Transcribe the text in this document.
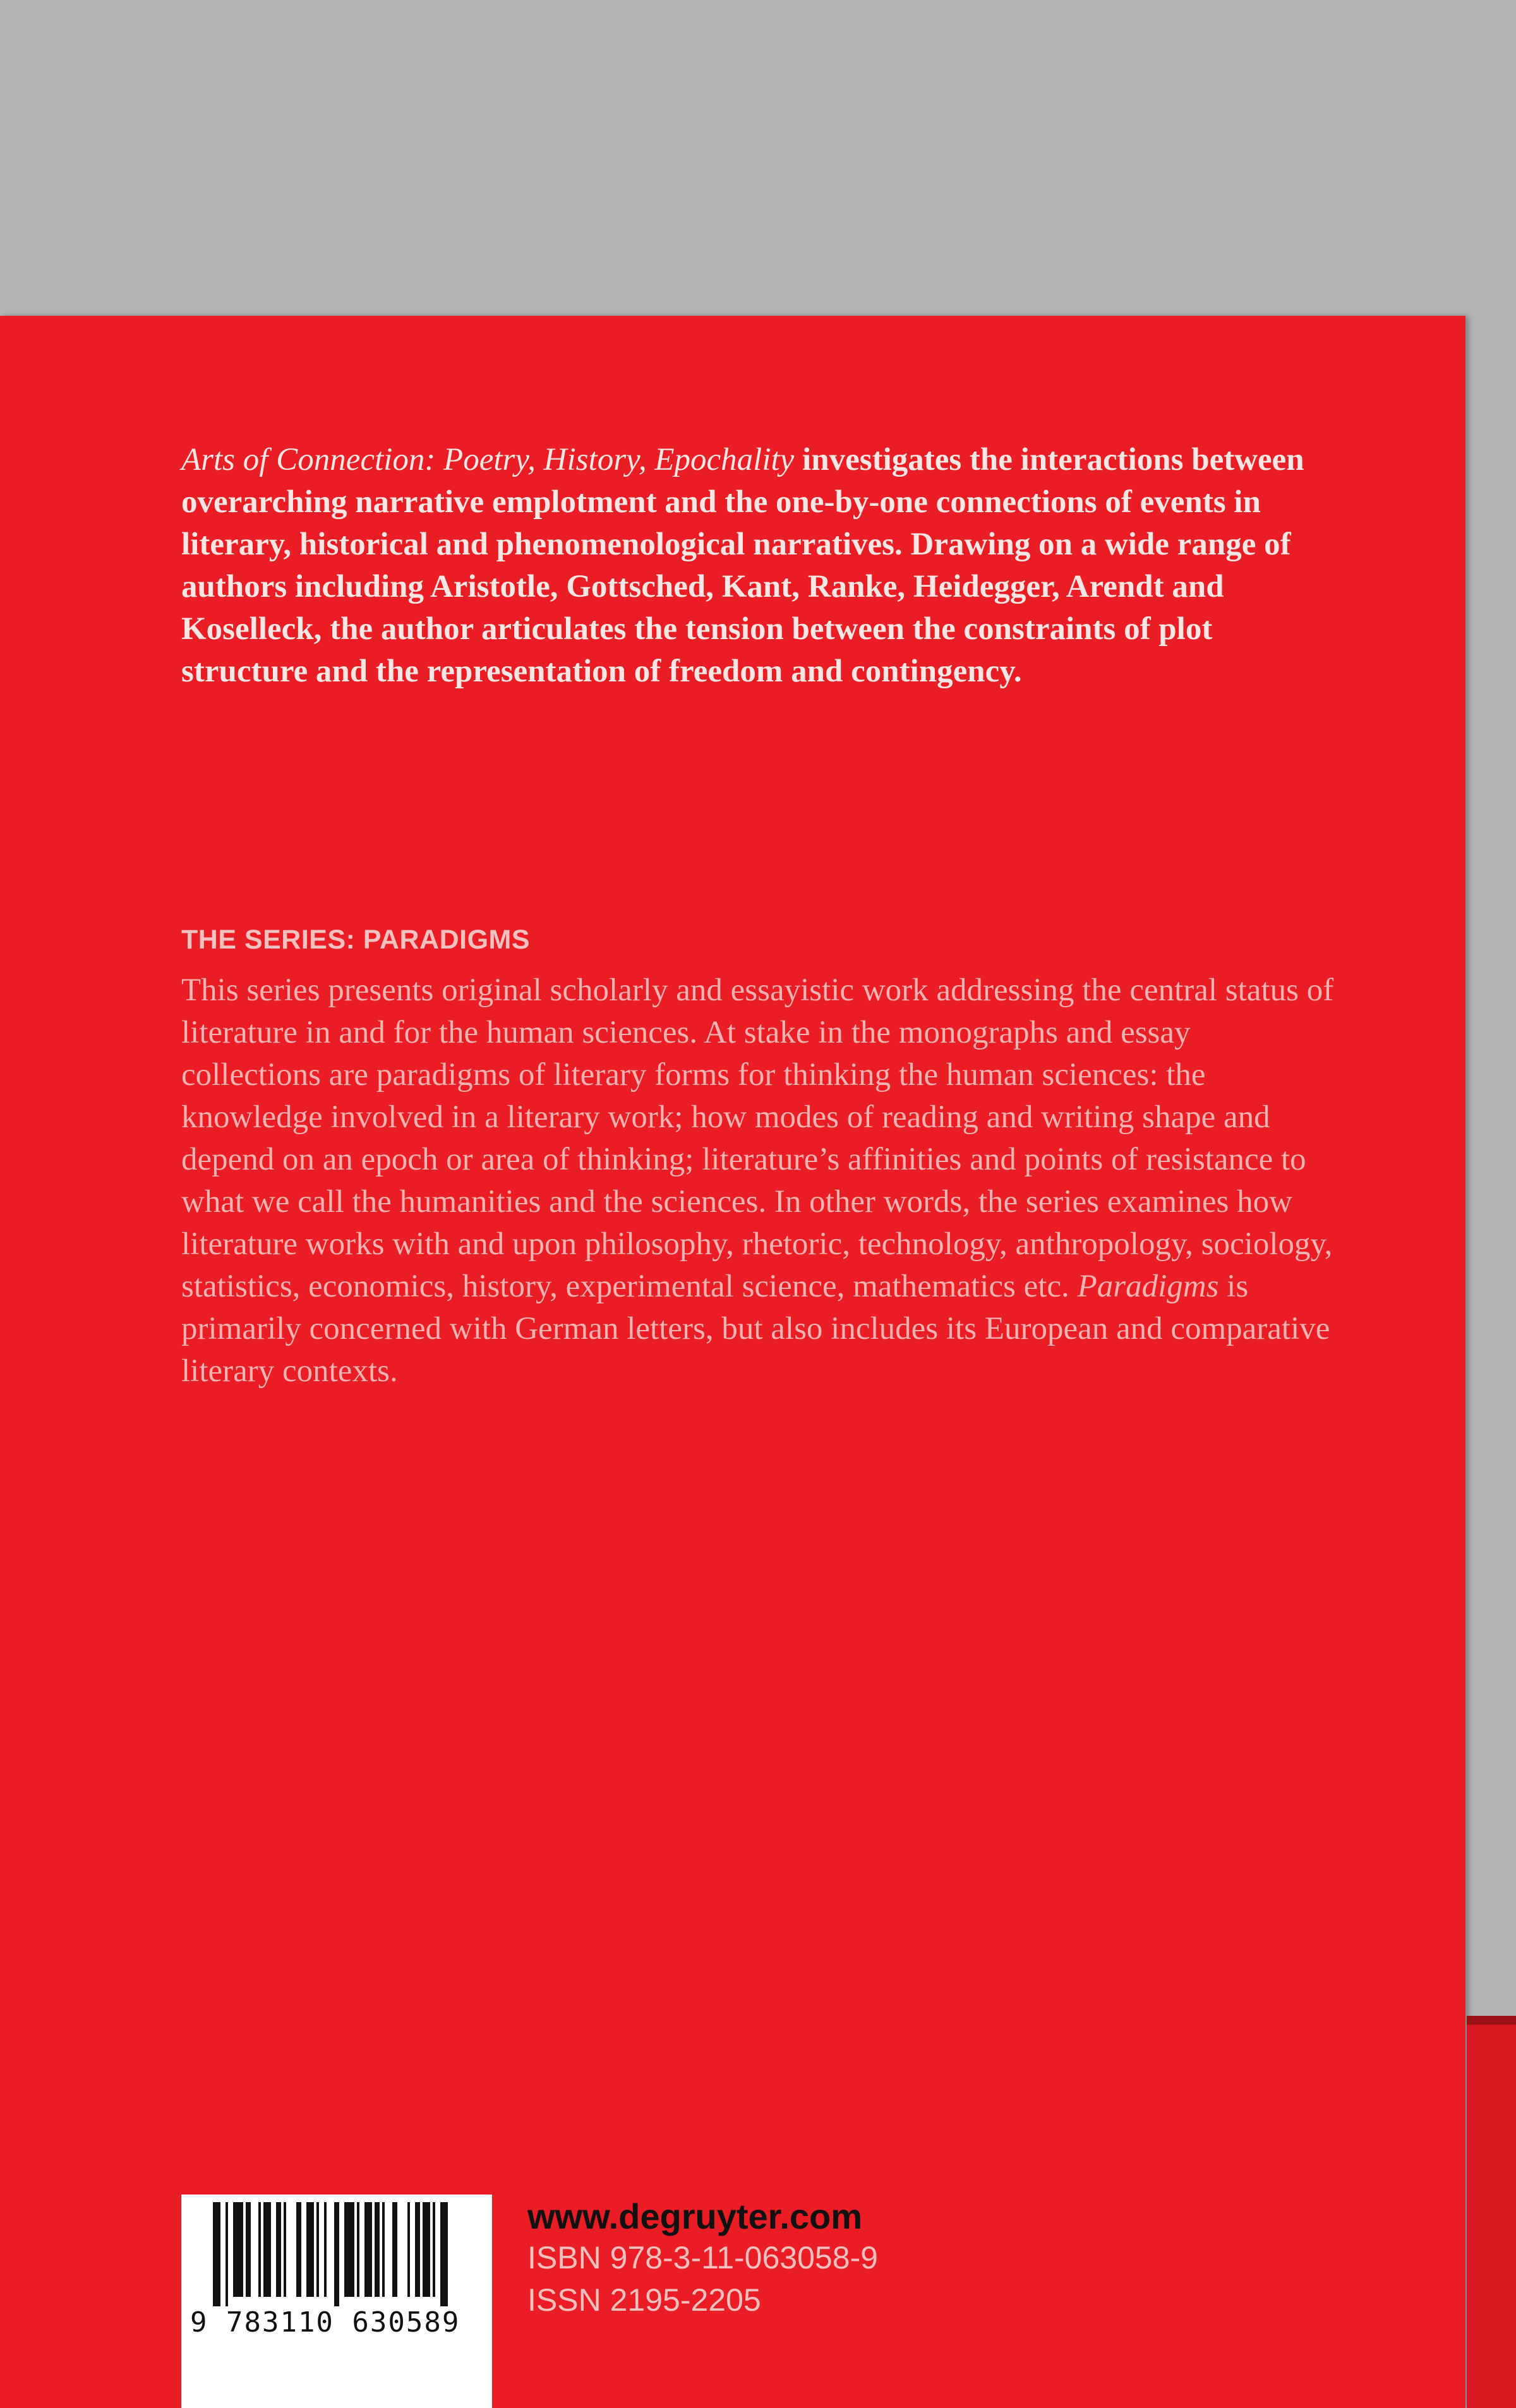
Arts of Connection: Poetry, History, Epochality investigates the interactions between overarching narrative emplotment and the one-by-one connections of events in literary, historical and phenomenological narratives. Drawing on a wide range of authors including Aristotle, Gottsched, Kant, Ranke, Heidegger, Arendt and Koselleck, the author articulates the tension between the constraints of plot structure and the representation of freedom and contingency.

THE SERIES: PARADIGMS

This series presents original scholarly and essayistic work addressing the central status of literature in and for the human sciences. At stake in the monographs and essay collections are paradigms of literary forms for thinking the human sciences: the knowledge involved in a literary work; how modes of reading and writing shape and depend on an epoch or area of thinking; literature’s affinities and points of resistance to what we call the humanities and the sciences. In other words, the series examines how literature works with and upon philosophy, rhetoric, technology, anthropology, sociology, statistics, economics, history, experimental science, mathematics etc. Paradigms is primarily concerned with German letters, but also includes its European and comparative literary contexts.

9 783110 630589

www.degruyter.com

ISBN 978-3-11-063058-9

ISSN 2195-2205
